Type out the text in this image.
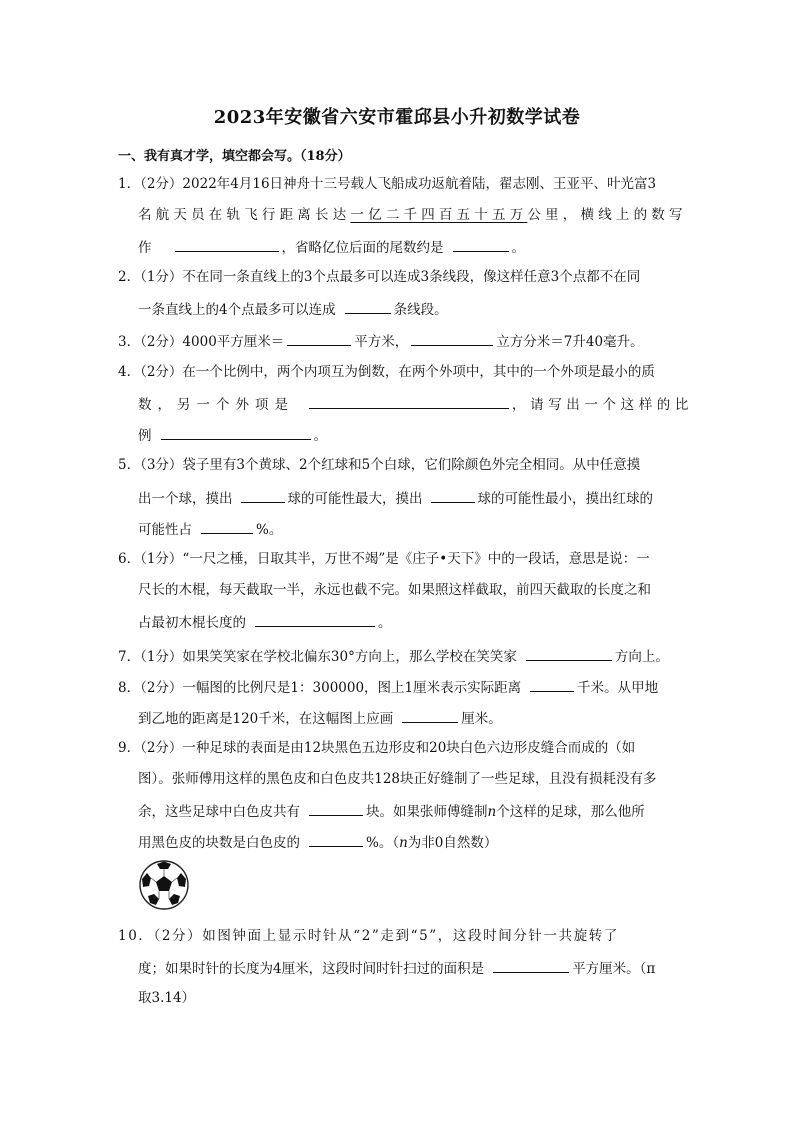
2023年安徽省六安市霍邱县小升初数学试卷
一、我有真才学，填空都会写。（18分）
1．（2分）2022年4月16日神舟十三号载人飞船成功返航着陆，翟志刚、王亚平、叶光富3
名航天员在轨飞行距离长达一亿二千四百五十五万公里，横线上的数写
作	，省略亿位后面的尾数约是	。
2．（1分）不在同一条直线上的3个点最多可以连成3条线段，像这样任意3个点都不在同
一条直线上的4个点最多可以连成	条线段。
3．（2分）4000平方厘米＝	平方米，	立方分米＝7升40毫升。
4．（2分）在一个比例中，两个内项互为倒数，在两个外项中，其中的一个外项是最小的质
数，另一个外项是	，请写出一个这样的比
例	。
5．（3分）袋子里有3个黄球、2个红球和5个白球，它们除颜色外完全相同。从中任意摸
出一个球，摸出	球的可能性最大，摸出	球的可能性最小，摸出红球的
可能性占	%。
6．（1分）“一尺之棰，日取其半，万世不竭”是《庄子•天下》中的一段话，意思是说：一
尺长的木棍，每天截取一半，永远也截不完。如果照这样截取，前四天截取的长度之和
占最初木棍长度的	。
7．（1分）如果笑笑家在学校北偏东30°方向上，那么学校在笑笑家	方向上。
8．（2分）一幅图的比例尺是1：300000，图上1厘米表示实际距离	千米。从甲地
到乙地的距离是120千米，在这幅图上应画	厘米。
9．（2分）一种足球的表面是由12块黑色五边形皮和20块白色六边形皮缝合而成的（如
图）。张师傅用这样的黑色皮和白色皮共128块正好缝制了一些足球，且没有损耗没有多
余，这些足球中白色皮共有	块。如果张师傅缝制n个这样的足球，那么他所
用黑色皮的块数是白色皮的	%。（n为非0自然数）
10．（2分）如图钟面上显示时针从“2”走到“5”，这段时间分针一共旋转了
度；如果时针的长度为4厘米，这段时间时针扫过的面积是	平方厘米。（π
取3.14）
